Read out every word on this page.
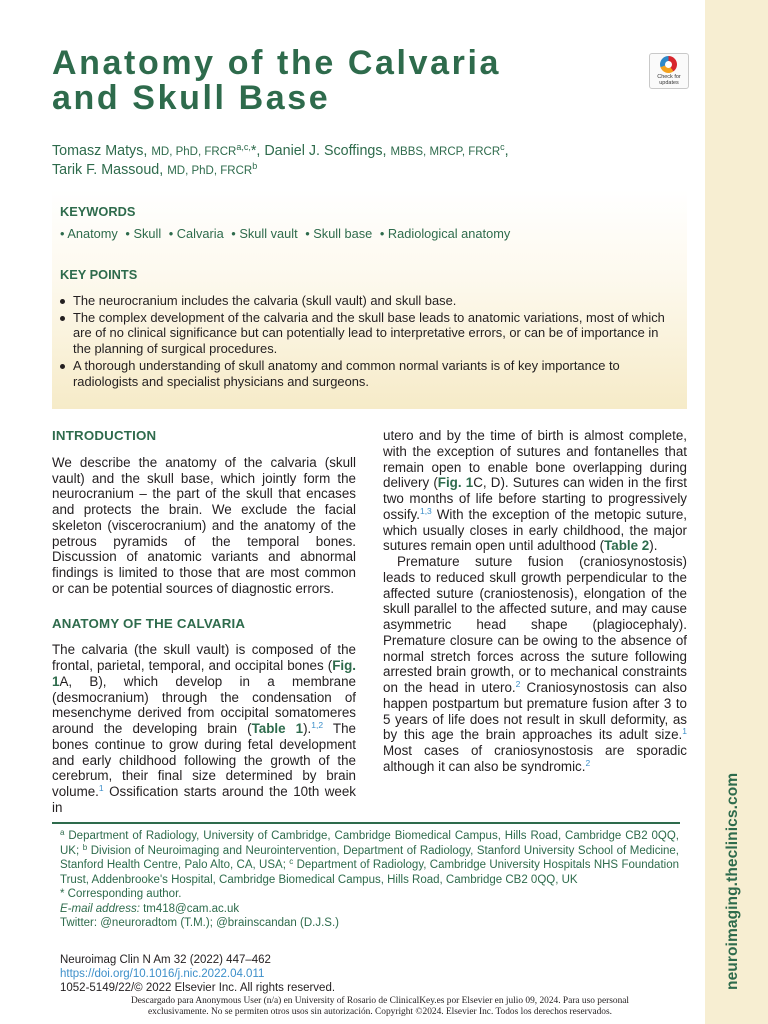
neuroimaging.theclinics.com
Anatomy of the Calvaria
and Skull Base
Check for
updates
Tomasz Matys, MD, PhD, $FRCR^{a,c,}*$, Daniel J. Scoffings, MBBS, MRCP, FRCR$^c$,
Tarik F. Massoud, MD, PhD, FRCR$^b$

KEYWORDS

• Anatomy • Skull • Calvaria • Skull vault • Skull base • Radiological anatomy

KEY POINTS

The neurocranium includes the calvaria (skull vault) and skull base.
The complex development of the calvaria and the skull base leads to anatomic variations, most of which are of no clinical significance but can potentially lead to interpretative errors, or can be of importance in the planning of surgical procedures.
A thorough understanding of skull anatomy and common normal variants is of key importance to radiologists and specialist physicians and surgeons.
INTRODUCTION

We describe the anatomy of the calvaria (skull vault) and the skull base, which jointly form the neurocranium – the part of the skull that encases and protects the brain. We exclude the facial skeleton (viscerocranium) and the anatomy of the petrous pyramids of the temporal bones. Discussion of anatomic variants and abnormal findings is limited to those that are most common or can be potential sources of diagnostic errors.

ANATOMY OF THE CALVARIA

The calvaria (the skull vault) is composed of the frontal, parietal, temporal, and occipital bones (Fig. 1A, B), which develop in a membrane (desmocranium) through the condensation of mesenchyme derived from occipital somatomeres around the developing brain (Table 1).$^{1,2}$ The bones continue to grow during fetal development and early childhood following the growth of the cerebrum, their final size determined by brain volume.$^1$ Ossification starts around the 10th week in

utero and by the time of birth is almost complete, with the exception of sutures and fontanelles that remain open to enable bone overlapping during delivery (Fig. 1C, D). Sutures can widen in the first two months of life before starting to progressively ossify.$^{1,3}$ With the exception of the metopic suture, which usually closes in early childhood, the major sutures remain open until adulthood (Table 2).

Premature suture fusion (craniosynostosis) leads to reduced skull growth perpendicular to the affected suture (craniostenosis), elongation of the skull parallel to the affected suture, and may cause asymmetric head shape (plagiocephaly). Premature closure can be owing to the absence of normal stretch forces across the suture following arrested brain growth, or to mechanical constraints on the head in utero.$^2$ Craniosynostosis can also happen postpartum but premature fusion after 3 to 5 years of life does not result in skull deformity, as by this age the brain approaches its adult size.$^1$ Most cases of craniosynostosis are sporadic although it can also be syndromic.$^2$

$^a$ Department of Radiology, University of Cambridge, Cambridge Biomedical Campus, Hills Road, Cambridge CB2 0QQ, UK; $^b$ Division of Neuroimaging and Neurointervention, Department of Radiology, Stanford University School of Medicine, Stanford Health Centre, Palo Alto, CA, USA; $^c$ Department of Radiology, Cambridge University Hospitals NHS Foundation Trust, Addenbrooke's Hospital, Cambridge Biomedical Campus, Hills Road, Cambridge CB2 0QQ, UK

* Corresponding author.

E-mail address: tm418@cam.ac.uk

Twitter: @neuroradtom (T.M.); @brainscandan (D.J.S.)

Neuroimag Clin N Am 32 (2022) 447–462
https://doi.org/10.1016/j.nic.2022.04.011
1052-5149/22/© 2022 Elsevier Inc. All rights reserved.
Descargado para Anonymous User (n/a) en University of Rosario de ClinicalKey.es por Elsevier en julio 09, 2024. Para uso personal
exclusivamente. No se permiten otros usos sin autorización. Copyright ©2024. Elsevier Inc. Todos los derechos reservados.
